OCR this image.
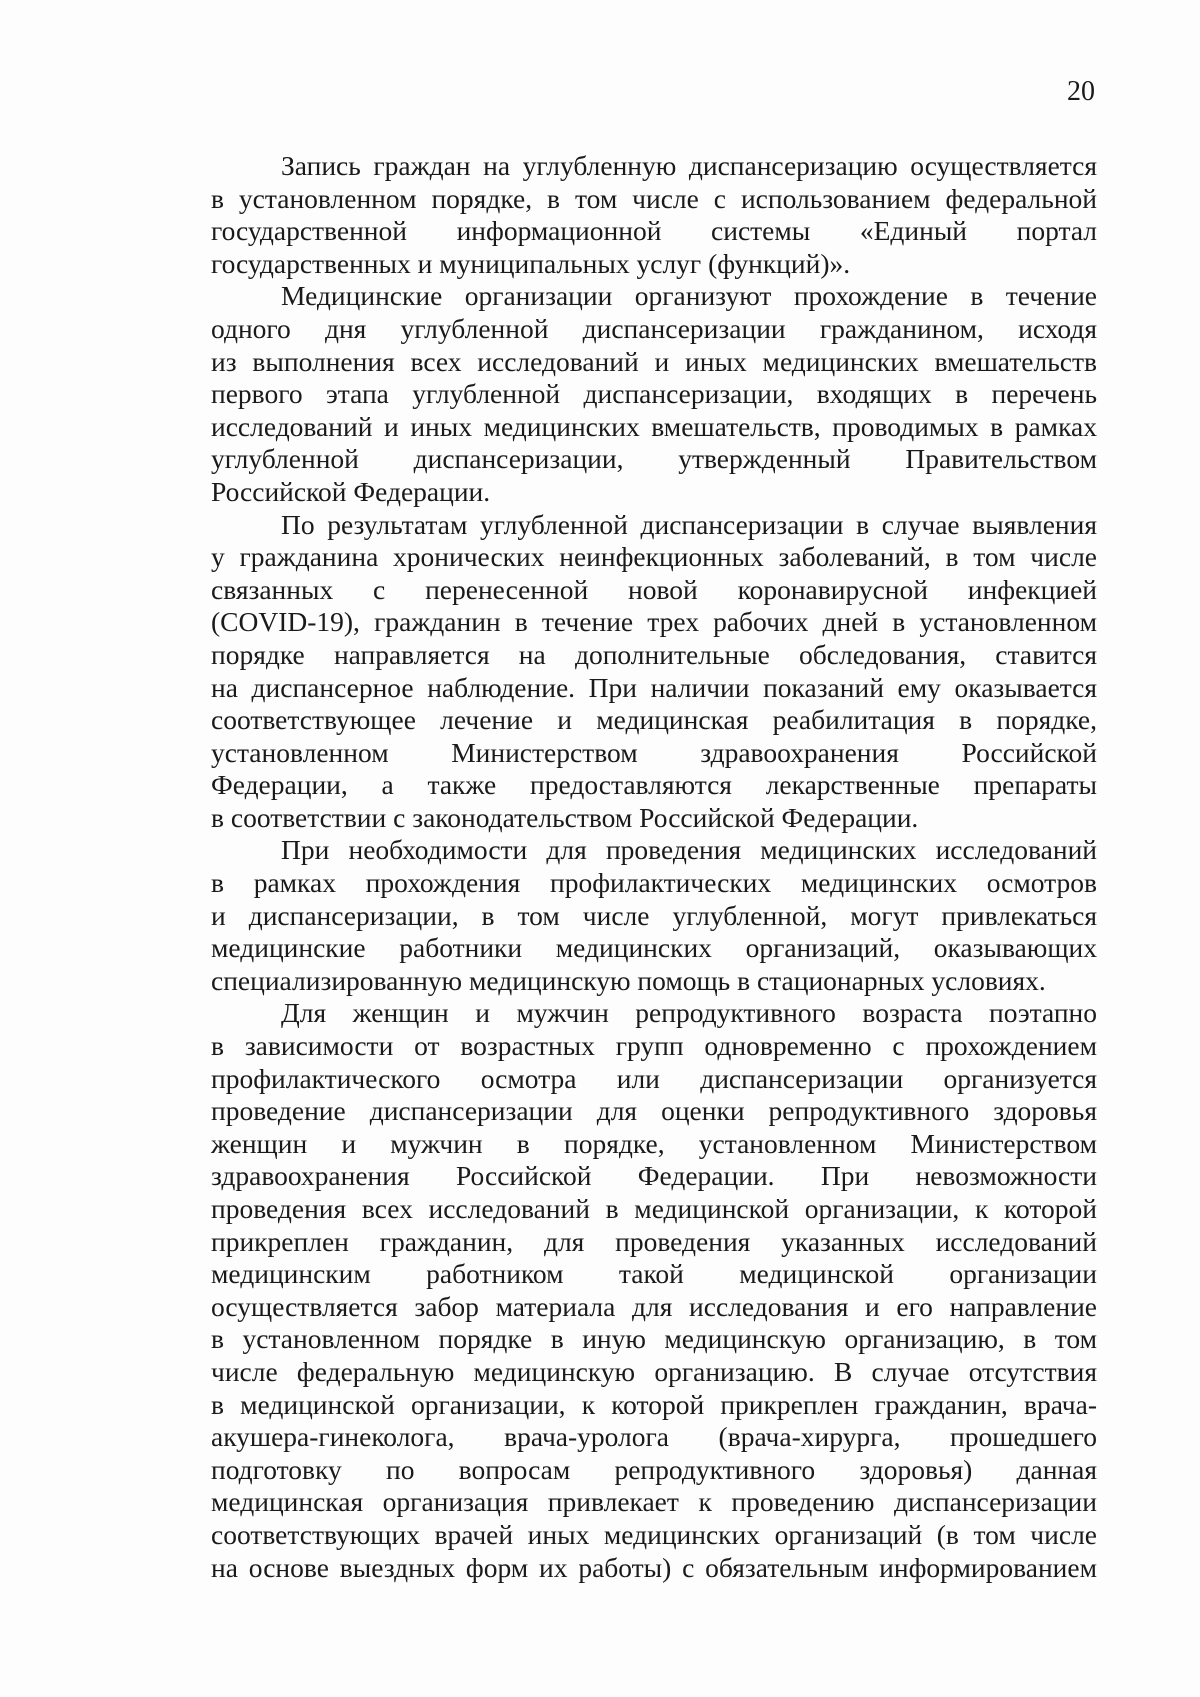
20
Запись граждан на углубленную диспансеризацию осуществляется
в установленном порядке, в том числе с использованием федеральной
государственной информационной системы «Единый портал
государственных и муниципальных услуг (функций)».
Медицинские организации организуют прохождение в течение
одного дня углубленной диспансеризации гражданином, исходя
из выполнения всех исследований и иных медицинских вмешательств
первого этапа углубленной диспансеризации, входящих в перечень
исследований и иных медицинских вмешательств, проводимых в рамках
углубленной диспансеризации, утвержденный Правительством
Российской Федерации.
По результатам углубленной диспансеризации в случае выявления
у гражданина хронических неинфекционных заболеваний, в том числе
связанных с перенесенной новой коронавирусной инфекцией
(COVID-19), гражданин в течение трех рабочих дней в установленном
порядке направляется на дополнительные обследования, ставится
на диспансерное наблюдение. При наличии показаний ему оказывается
соответствующее лечение и медицинская реабилитация в порядке,
установленном Министерством здравоохранения Российской
Федерации, а также предоставляются лекарственные препараты
в соответствии с законодательством Российской Федерации.
При необходимости для проведения медицинских исследований
в рамках прохождения профилактических медицинских осмотров
и диспансеризации, в том числе углубленной, могут привлекаться
медицинские работники медицинских организаций, оказывающих
специализированную медицинскую помощь в стационарных условиях.
Для женщин и мужчин репродуктивного возраста поэтапно
в зависимости от возрастных групп одновременно с прохождением
профилактического осмотра или диспансеризации организуется
проведение диспансеризации для оценки репродуктивного здоровья
женщин и мужчин в порядке, установленном Министерством
здравоохранения Российской Федерации. При невозможности
проведения всех исследований в медицинской организации, к которой
прикреплен гражданин, для проведения указанных исследований
медицинским работником такой медицинской организации
осуществляется забор материала для исследования и его направление
в установленном порядке в иную медицинскую организацию, в том
числе федеральную медицинскую организацию. В случае отсутствия
в медицинской организации, к которой прикреплен гражданин, врача-
акушера-гинеколога, врача-уролога (врача-хирурга, прошедшего
подготовку по вопросам репродуктивного здоровья) данная
медицинская организация привлекает к проведению диспансеризации
соответствующих врачей иных медицинских организаций (в том числе
на основе выездных форм их работы) с обязательным информированием
